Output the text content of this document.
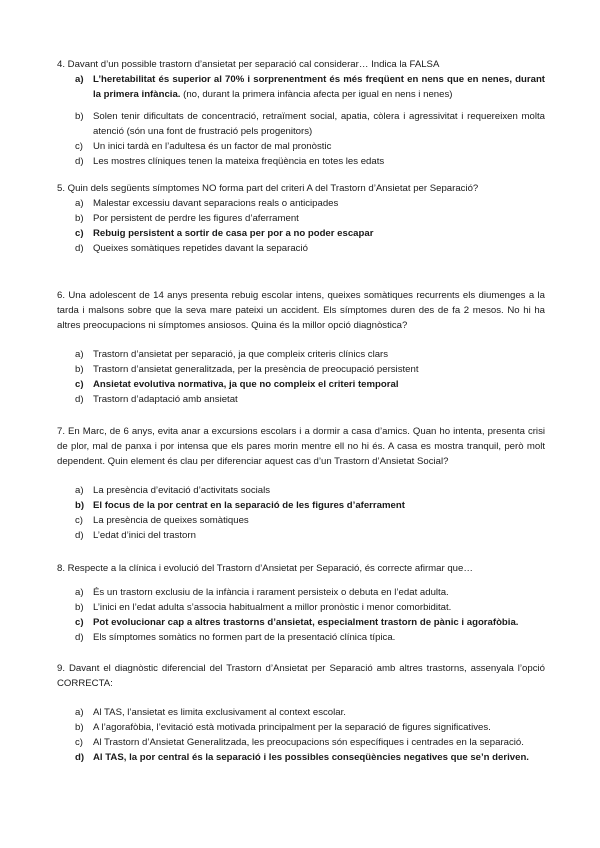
4. Davant d’un possible trastorn d’ansietat per separació cal considerar… Indica la FALSA

a) L’heretabilitat és superior al 70% i sorprenentment és més freqüent en nens que en nenes, durant la primera infància. (no, durant la primera infància afecta per igual en nens i nenes)
b) Solen tenir dificultats de concentració, retraïment social, apatia, còlera i agressivitat i requereixen molta atenció (són una font de frustració pels progenitors)
c) Un inici tardà en l’adultesa és un factor de mal pronòstic
d) Les mostres clíniques tenen la mateixa freqüència en totes les edats

5. Quin dels següents símptomes NO forma part del criteri A del Trastorn d’Ansietat per Separació?

a) Malestar excessiu davant separacions reals o anticipades
b) Por persistent de perdre les figures d’aferrament
c) Rebuig persistent a sortir de casa per por a no poder escapar
d) Queixes somàtiques repetides davant la separació

6. Una adolescent de 14 anys presenta rebuig escolar intens, queixes somàtiques recurrents els diumenges a la tarda i malsons sobre que la seva mare pateixi un accident. Els símptomes duren des de fa 2 mesos. No hi ha altres preocupacions ni símptomes ansiosos. Quina és la millor opció diagnòstica?

a) Trastorn d’ansietat per separació, ja que compleix criteris clínics clars
b) Trastorn d’ansietat generalitzada, per la presència de preocupació persistent
c) Ansietat evolutiva normativa, ja que no compleix el criteri temporal
d) Trastorn d’adaptació amb ansietat

7. En Marc, de 6 anys, evita anar a excursions escolars i a dormir a casa d’amics. Quan ho intenta, presenta crisi de plor, mal de panxa i por intensa que els pares morin mentre ell no hi és. A casa es mostra tranquil, però molt dependent. Quin element és clau per diferenciar aquest cas d’un Trastorn d’Ansietat Social?

a) La presència d’evitació d’activitats socials
b) El focus de la por centrat en la separació de les figures d’aferrament
c) La presència de queixes somàtiques
d) L’edat d’inici del trastorn

8. Respecte a la clínica i evolució del Trastorn d’Ansietat per Separació, és correcte afirmar que…

a) És un trastorn exclusiu de la infància i rarament persisteix o debuta en l’edat adulta.
b) L’inici en l’edat adulta s’associa habitualment a millor pronòstic i menor comorbiditat.
c) Pot evolucionar cap a altres trastorns d’ansietat, especialment trastorn de pànic i agorafòbia.
d) Els símptomes somàtics no formen part de la presentació clínica típica.

9. Davant el diagnòstic diferencial del Trastorn d’Ansietat per Separació amb altres trastorns, assenyala l’opció CORRECTA:

a) Al TAS, l’ansietat es limita exclusivament al context escolar.
b) A l’agorafòbia, l’evitació està motivada principalment per la separació de figures significatives.
c) Al Trastorn d’Ansietat Generalitzada, les preocupacions són específiques i centrades en la separació.
d) Al TAS, la por central és la separació i les possibles conseqüències negatives que se’n deriven.
